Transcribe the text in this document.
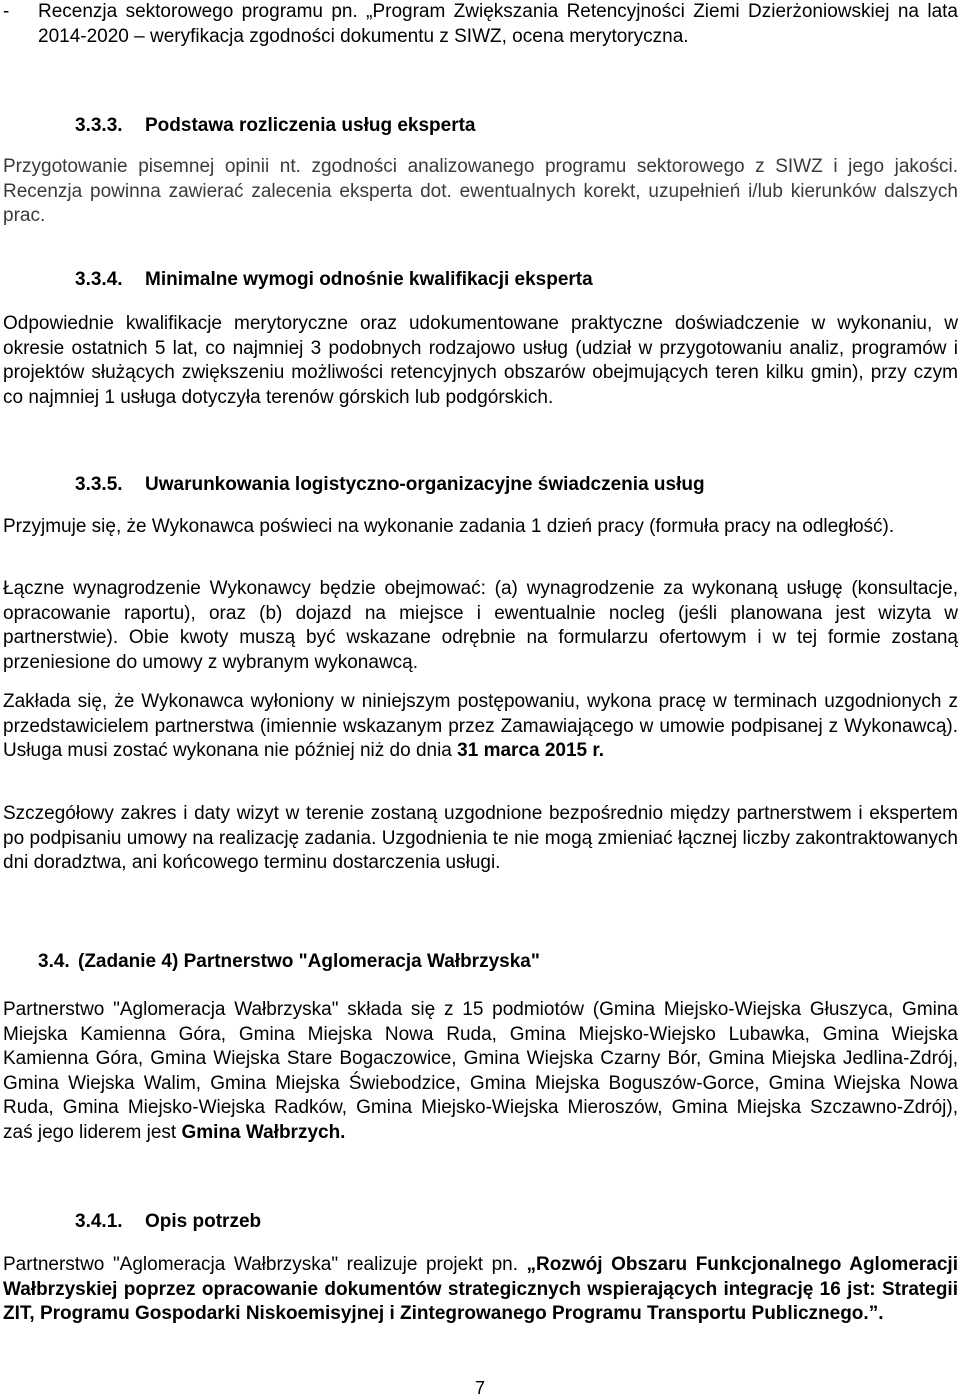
- Recenzja sektorowego programu pn. „Program Zwiększania Retencyjności Ziemi Dzierżoniowskiej na lata 2014-2020 – weryfikacja zgodności dokumentu z SIWZ, ocena merytoryczna.

3.3.3. Podstawa rozliczenia usług eksperta

Przygotowanie pisemnej opinii nt. zgodności analizowanego programu sektorowego z SIWZ i jego jakości. Recenzja powinna zawierać zalecenia eksperta dot. ewentualnych korekt, uzupełnień i/lub kierunków dalszych prac.

3.3.4. Minimalne wymogi odnośnie kwalifikacji eksperta

Odpowiednie kwalifikacje merytoryczne oraz udokumentowane praktyczne doświadczenie w wykonaniu, w okresie ostatnich 5 lat, co najmniej 3 podobnych rodzajowo usług (udział w przygotowaniu analiz, programów i projektów służących zwiększeniu możliwości retencyjnych obszarów obejmujących teren kilku gmin), przy czym co najmniej 1 usługa dotyczyła terenów górskich lub podgórskich.

3.3.5. Uwarunkowania logistyczno-organizacyjne świadczenia usług

Przyjmuje się, że Wykonawca poświeci na wykonanie zadania 1 dzień pracy (formuła pracy na odległość).

Łączne wynagrodzenie Wykonawcy będzie obejmować: (a) wynagrodzenie za wykonaną usługę (konsultacje, opracowanie raportu), oraz (b) dojazd na miejsce i ewentualnie nocleg (jeśli planowana jest wizyta w partnerstwie). Obie kwoty muszą być wskazane odrębnie na formularzu ofertowym i w tej formie zostaną przeniesione do umowy z wybranym wykonawcą.

Zakłada się, że Wykonawca wyłoniony w niniejszym postępowaniu, wykona pracę w terminach uzgodnionych z przedstawicielem partnerstwa (imiennie wskazanym przez Zamawiającego w umowie podpisanej z Wykonawcą). Usługa musi zostać wykonana nie później niż do dnia 31 marca 2015 r.

Szczegółowy zakres i daty wizyt w terenie zostaną uzgodnione bezpośrednio między partnerstwem i ekspertem po podpisaniu umowy na realizację zadania. Uzgodnienia te nie mogą zmieniać łącznej liczby zakontraktowanych dni doradztwa, ani końcowego terminu dostarczenia usługi.

3.4. (Zadanie 4) Partnerstwo "Aglomeracja Wałbrzyska"

Partnerstwo "Aglomeracja Wałbrzyska" składa się z 15 podmiotów (Gmina Miejsko-Wiejska Głuszyca, Gmina Miejska Kamienna Góra, Gmina Miejska Nowa Ruda, Gmina Miejsko-Wiejsko Lubawka, Gmina Wiejska Kamienna Góra, Gmina Wiejska Stare Bogaczowice, Gmina Wiejska Czarny Bór, Gmina Miejska Jedlina-Zdrój, Gmina Wiejska Walim, Gmina Miejska Świebodzice, Gmina Miejska Boguszów-Gorce, Gmina Wiejska Nowa Ruda, Gmina Miejsko-Wiejska Radków, Gmina Miejsko-Wiejska Mieroszów, Gmina Miejska Szczawno-Zdrój), zaś jego liderem jest Gmina Wałbrzych.

3.4.1. Opis potrzeb

Partnerstwo "Aglomeracja Wałbrzyska" realizuje projekt pn. „Rozwój Obszaru Funkcjonalnego Aglomeracji Wałbrzyskiej poprzez opracowanie dokumentów strategicznych wspierających integrację 16 jst: Strategii ZIT, Programu Gospodarki Niskoemisyjnej i Zintegrowanego Programu Transportu Publicznego.”.

7
